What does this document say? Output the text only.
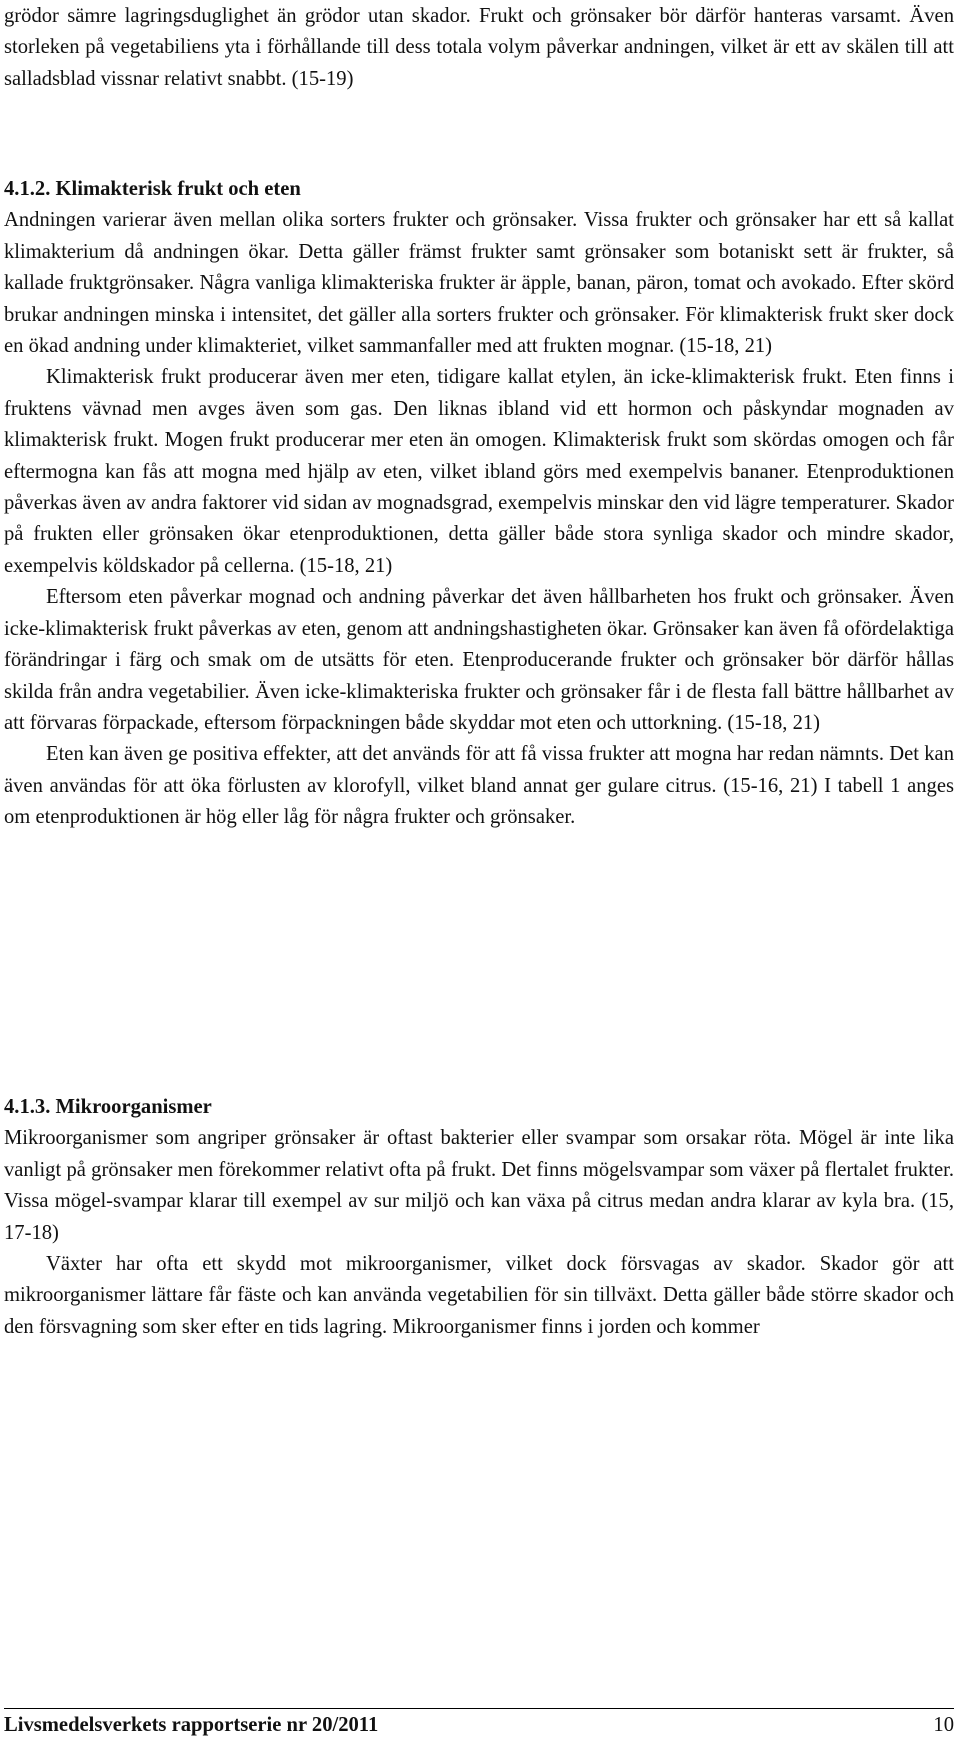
grödor sämre lagringsduglighet än grödor utan skador. Frukt och grönsaker bör därför hanteras varsamt. Även storleken på vegetabiliens yta i förhållande till dess totala volym påverkar andningen, vilket är ett av skälen till att salladsblad vissnar relativt snabbt. (15-19)

4.1.2. Klimakterisk frukt och eten

Andningen varierar även mellan olika sorters frukter och grönsaker. Vissa frukter och grönsaker har ett så kallat klimakterium då andningen ökar. Detta gäller främst frukter samt grönsaker som botaniskt sett är frukter, så kallade fruktgrönsaker. Några vanliga klimakteriska frukter är äpple, banan, päron, tomat och avokado. Efter skörd brukar andningen minska i intensitet, det gäller alla sorters frukter och grönsaker. För klimakterisk frukt sker dock en ökad andning under klimakteriet, vilket sammanfaller med att frukten mognar. (15-18, 21)

Klimakterisk frukt producerar även mer eten, tidigare kallat etylen, än icke-klimakterisk frukt. Eten finns i fruktens vävnad men avges även som gas. Den liknas ibland vid ett hormon och påskyndar mognaden av klimakterisk frukt. Mogen frukt producerar mer eten än omogen. Klimakterisk frukt som skördas omogen och får eftermogna kan fås att mogna med hjälp av eten, vilket ibland görs med exempelvis bananer. Etenproduktionen påverkas även av andra faktorer vid sidan av mognadsgrad, exempelvis minskar den vid lägre temperaturer. Skador på frukten eller grönsaken ökar etenproduktionen, detta gäller både stora synliga skador och mindre skador, exempelvis köldskador på cellerna. (15-18, 21)

Eftersom eten påverkar mognad och andning påverkar det även hållbarheten hos frukt och grönsaker. Även icke-klimakterisk frukt påverkas av eten, genom att andningshastigheten ökar. Grönsaker kan även få ofördelaktiga förändringar i färg och smak om de utsätts för eten. Etenproducerande frukter och grönsaker bör därför hållas skilda från andra vegetabilier. Även icke-klimakteriska frukter och grönsaker får i de flesta fall bättre hållbarhet av att förvaras förpackade, eftersom förpackningen både skyddar mot eten och uttorkning. (15-18, 21)

Eten kan även ge positiva effekter, att det används för att få vissa frukter att mogna har redan nämnts. Det kan även användas för att öka förlusten av klorofyll, vilket bland annat ger gulare citrus. (15-16, 21) I tabell 1 anges om etenproduktionen är hög eller låg för några frukter och grönsaker.

4.1.3. Mikroorganismer

Mikroorganismer som angriper grönsaker är oftast bakterier eller svampar som orsakar röta. Mögel är inte lika vanligt på grönsaker men förekommer relativt ofta på frukt. Det finns mögelsvampar som växer på flertalet frukter. Vissa mögel-svampar klarar till exempel av sur miljö och kan växa på citrus medan andra klarar av kyla bra. (15, 17-18)

Växter har ofta ett skydd mot mikroorganismer, vilket dock försvagas av skador. Skador gör att mikroorganismer lättare får fäste och kan använda vegetabilien för sin tillväxt. Detta gäller både större skador och den försvagning som sker efter en tids lagring. Mikroorganismer finns i jorden och kommer

Livsmedelsverkets rapportserie nr 20/2011	10
